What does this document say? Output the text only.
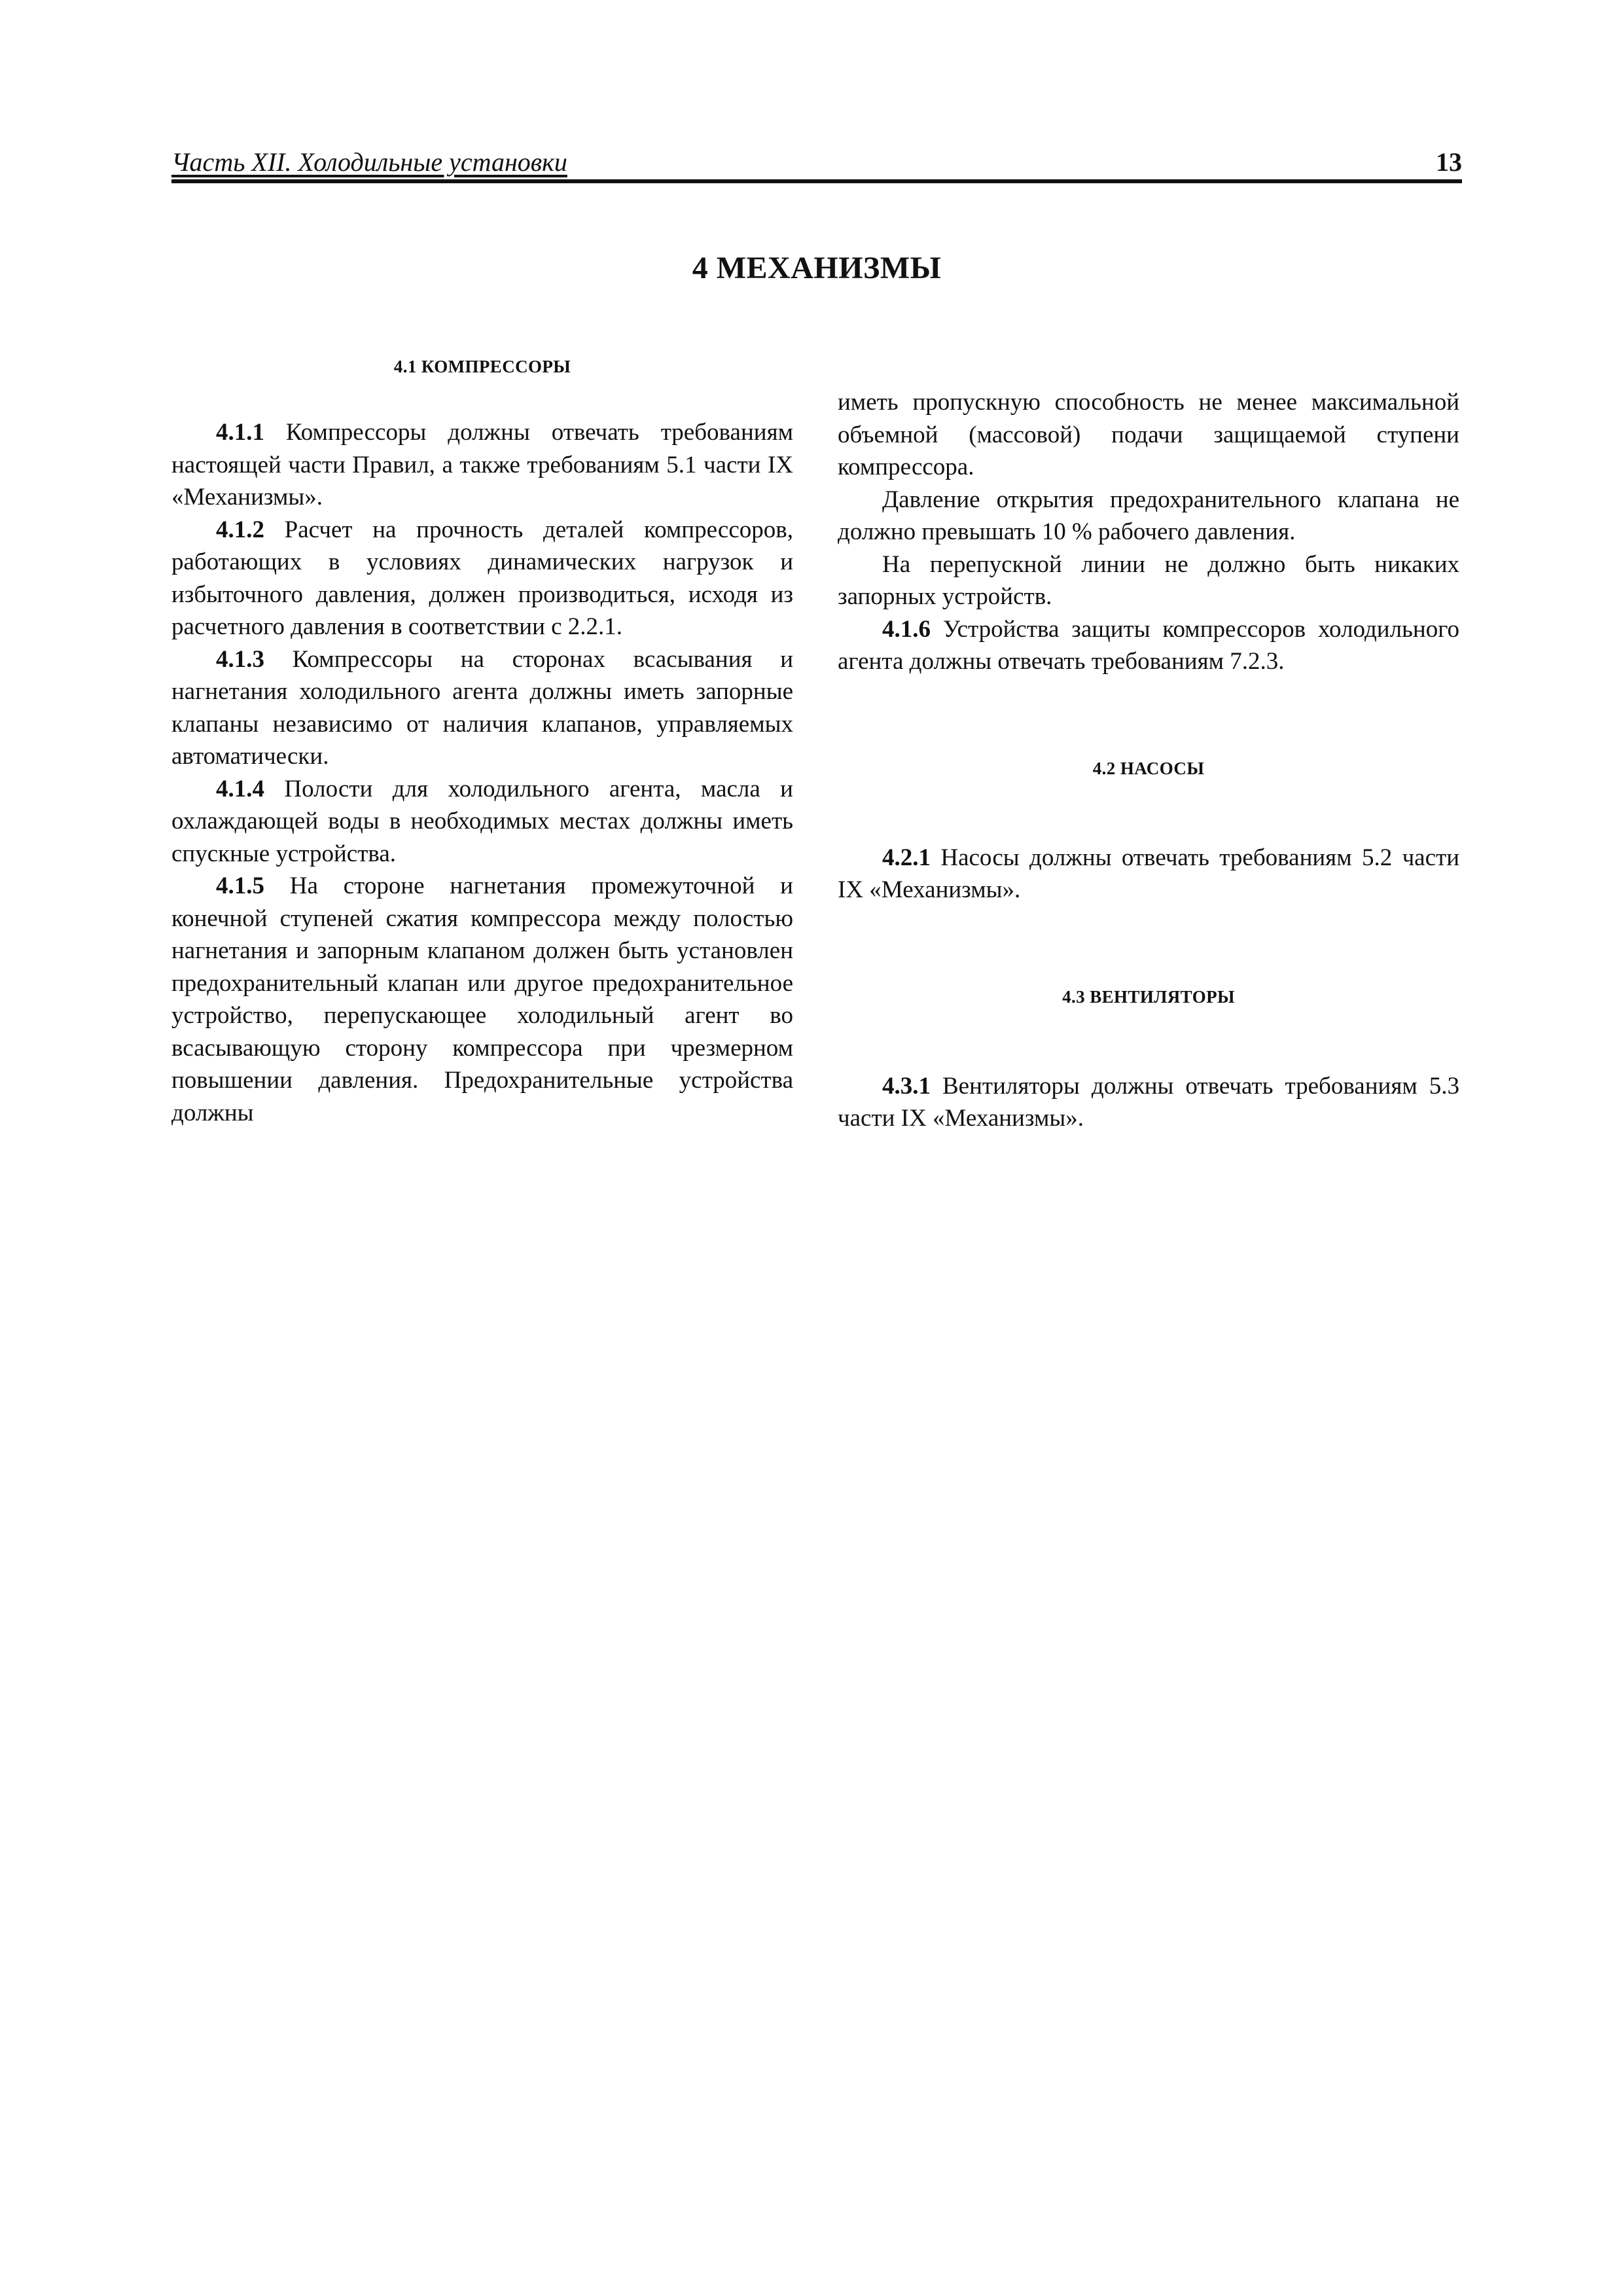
Часть XII. Холодильные установки	13
4 МЕХАНИЗМЫ
4.1 КОМПРЕССОРЫ

4.1.1 Компрессоры должны отвечать требованиям настоящей части Правил, а также требованиям 5.1 части IX «Механизмы».

4.1.2 Расчет на прочность деталей компрессоров, работающих в условиях динамических нагрузок и избыточного давления, должен производиться, исходя из расчетного давления в соответствии с 2.2.1.

4.1.3 Компрессоры на сторонах всасывания и нагнетания холодильного агента должны иметь запорные клапаны независимо от наличия клапанов, управляемых автоматически.

4.1.4 Полости для холодильного агента, масла и охлаждающей воды в необходимых местах должны иметь спускные устройства.

4.1.5 На стороне нагнетания промежуточной и конечной ступеней сжатия компрессора между полостью нагнетания и запорным клапаном должен быть установлен предохранительный клапан или другое предохранительное устройство, перепускающее холодильный агент во всасывающую сторону компрессора при чрезмерном повышении давления. Предохранительные устройства должны

иметь пропускную способность не менее максимальной объемной (массовой) подачи защищаемой ступени компрессора.

Давление открытия предохранительного клапана не должно превышать 10 % рабочего давления.

На перепускной линии не должно быть никаких запорных устройств.

4.1.6 Устройства защиты компрессоров холодильного агента должны отвечать требованиям 7.2.3.

4.2 НАСОСЫ

4.2.1 Насосы должны отвечать требованиям 5.2 части IX «Механизмы».

4.3 ВЕНТИЛЯТОРЫ

4.3.1 Вентиляторы должны отвечать требованиям 5.3 части IX «Механизмы».
